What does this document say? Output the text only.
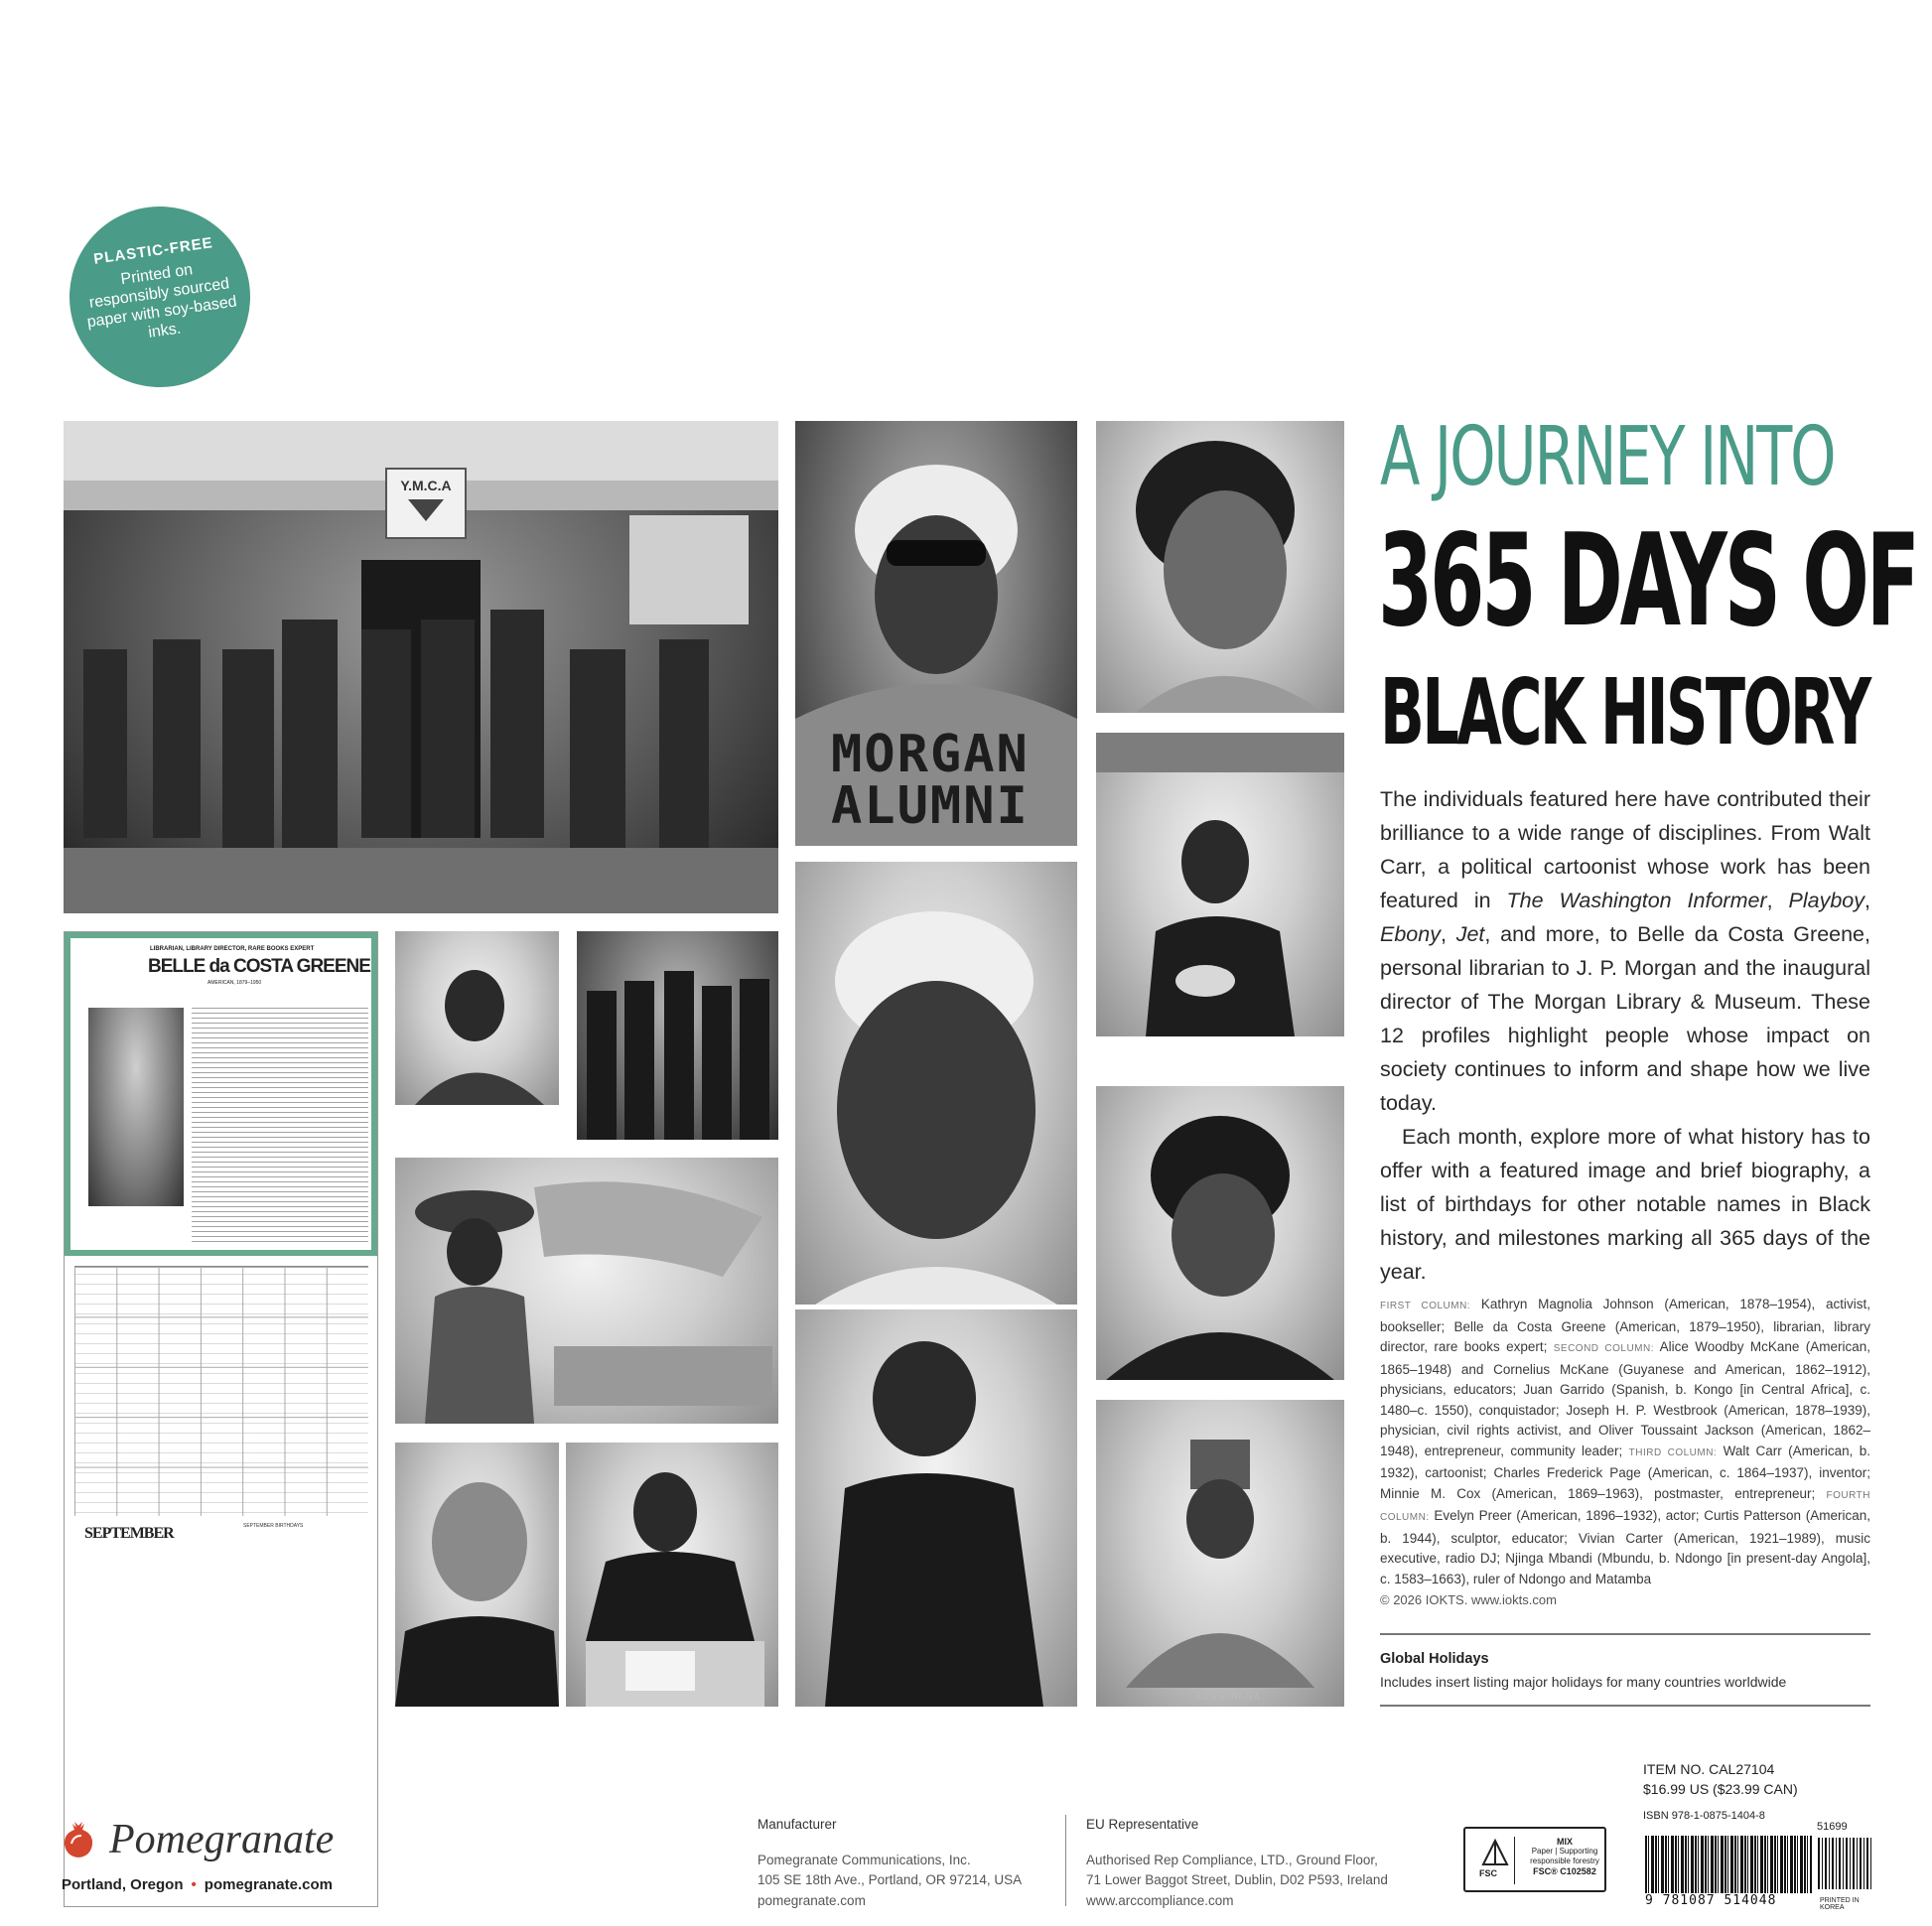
PLASTIC-FREE
Printed on responsibly sourced paper with soy-based inks.
Y.M.C.A
MORGAN ALUMNI
ANN ZINGHA.
LIBRARIAN, LIBRARY DIRECTOR, RARE BOOKS EXPERT
BELLE da COSTA GREENE
AMERICAN, 1879–1950
SEPTEMBER	SEPTEMBER BIRTHDAYS
A JOURNEY INTO
365 DAYS OF
BLACK HISTORY

The individuals featured here have contributed their brilliance to a wide range of disciplines. From Walt Carr, a political cartoonist whose work has been featured in The Washington Informer, Playboy, Ebony, Jet, and more, to Belle da Costa Greene, personal librarian to J. P. Morgan and the inaugural director of The Morgan Library & Museum. These 12 profiles highlight people whose impact on society continues to inform and shape how we live today.

Each month, explore more of what history has to offer with a featured image and brief biography, a list of birthdays for other notable names in Black history, and milestones marking all 365 days of the year.

FIRST COLUMN: Kathryn Magnolia Johnson (American, 1878–1954), activist, bookseller; Belle da Costa Greene (American, 1879–1950), librarian, library director, rare books expert; SECOND COLUMN: Alice Woodby McKane (American, 1865–1948) and Cornelius McKane (Guyanese and American, 1862–1912), physicians, educators; Juan Garrido (Spanish, b. Kongo [in Central Africa], c. 1480–c. 1550), conquistador; Joseph H. P. Westbrook (American, 1878–1939), physician, civil rights activist, and Oliver Toussaint Jackson (American, 1862–1948), entrepreneur, community leader; THIRD COLUMN: Walt Carr (American, b. 1932), cartoonist; Charles Frederick Page (American, c. 1864–1937), inventor; Minnie M. Cox (American, 1869–1963), postmaster, entrepreneur; FOURTH COLUMN: Evelyn Preer (American, 1896–1932), actor; Curtis Patterson (American, b. 1944), sculptor, educator; Vivian Carter (American, 1921–1989), music executive, radio DJ; Njinga Mbandi (Mbundu, b. Ndongo [in present-day Angola], c. 1583–1663), ruler of Ndongo and Matamba
© 2026 IOKTS. www.iokts.com
Global Holidays
Includes insert listing major holidays for many countries worldwide
Pomegranate
Portland, Oregon • pomegranate.com
Manufacturer
Pomegranate Communications, Inc.
105 SE 18th Ave., Portland, OR 97214, USA
pomegranate.com
EU Representative
Authorised Rep Compliance, LTD., Ground Floor,
71 Lower Baggot Street, Dublin, D02 P593, Ireland
www.arccompliance.com
FSC
MIX
Paper | Supporting
responsible forestry

FSC® C102582
ITEM NO. CAL27104
$16.99 US ($23.99 CAN)
ISBN 978-1-0875-1404-8
51699
9 781087 514048	PRINTED IN KOREA
